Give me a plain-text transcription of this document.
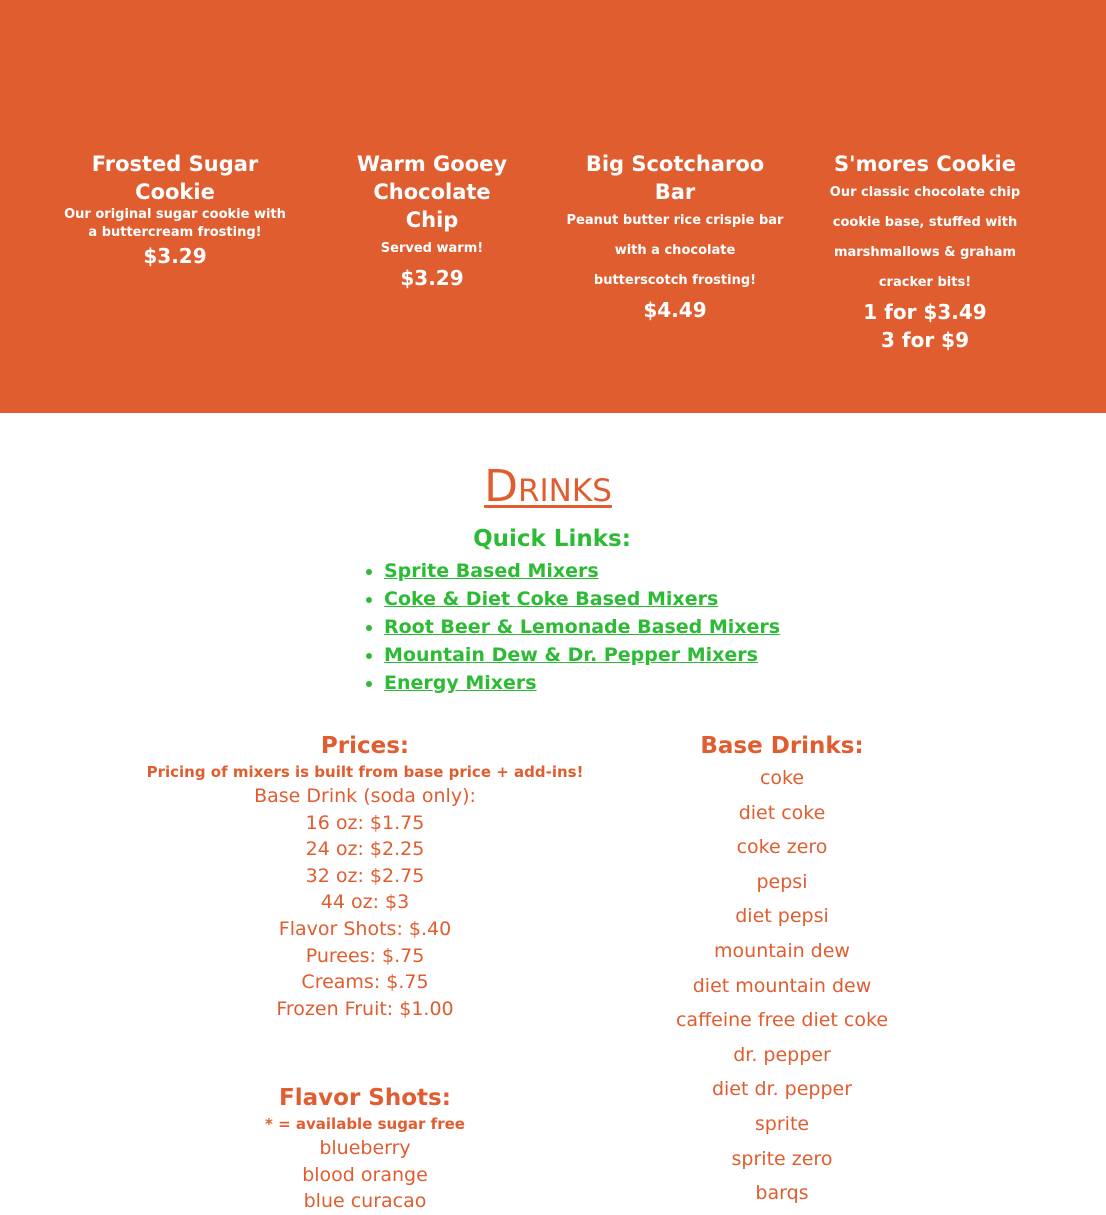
Frosted Sugar Cookie
Our original sugar cookie with a buttercream frosting!
$3.29
Warm Gooey Chocolate Chip
Served warm!
$3.29
Big Scotcharoo Bar
Peanut butter rice crispie bar with a chocolate butterscotch frosting!
$4.49
S'mores Cookie
Our classic chocolate chip cookie base, stuffed with marshmallows & graham cracker bits!
1 for $3.49
3 for $9
Drinks
Quick Links:
• Sprite Based Mixers
• Coke & Diet Coke Based Mixers
• Root Beer & Lemonade Based Mixers
• Mountain Dew & Dr. Pepper Mixers
• Energy Mixers
Prices:
Pricing of mixers is built from base price + add-ins!
Base Drink (soda only):
16 oz: $1.75
24 oz: $2.25
32 oz: $2.75
44 oz: $3
Flavor Shots: $.40
Purees: $.75
Creams: $.75
Frozen Fruit: $1.00
Flavor Shots:
* = available sugar free
blueberry
blood orange
blue curacao
Base Drinks:
coke
diet coke
coke zero
pepsi
diet pepsi
mountain dew
diet mountain dew
caffeine free diet coke
dr. pepper
diet dr. pepper
sprite
sprite zero
barqs
